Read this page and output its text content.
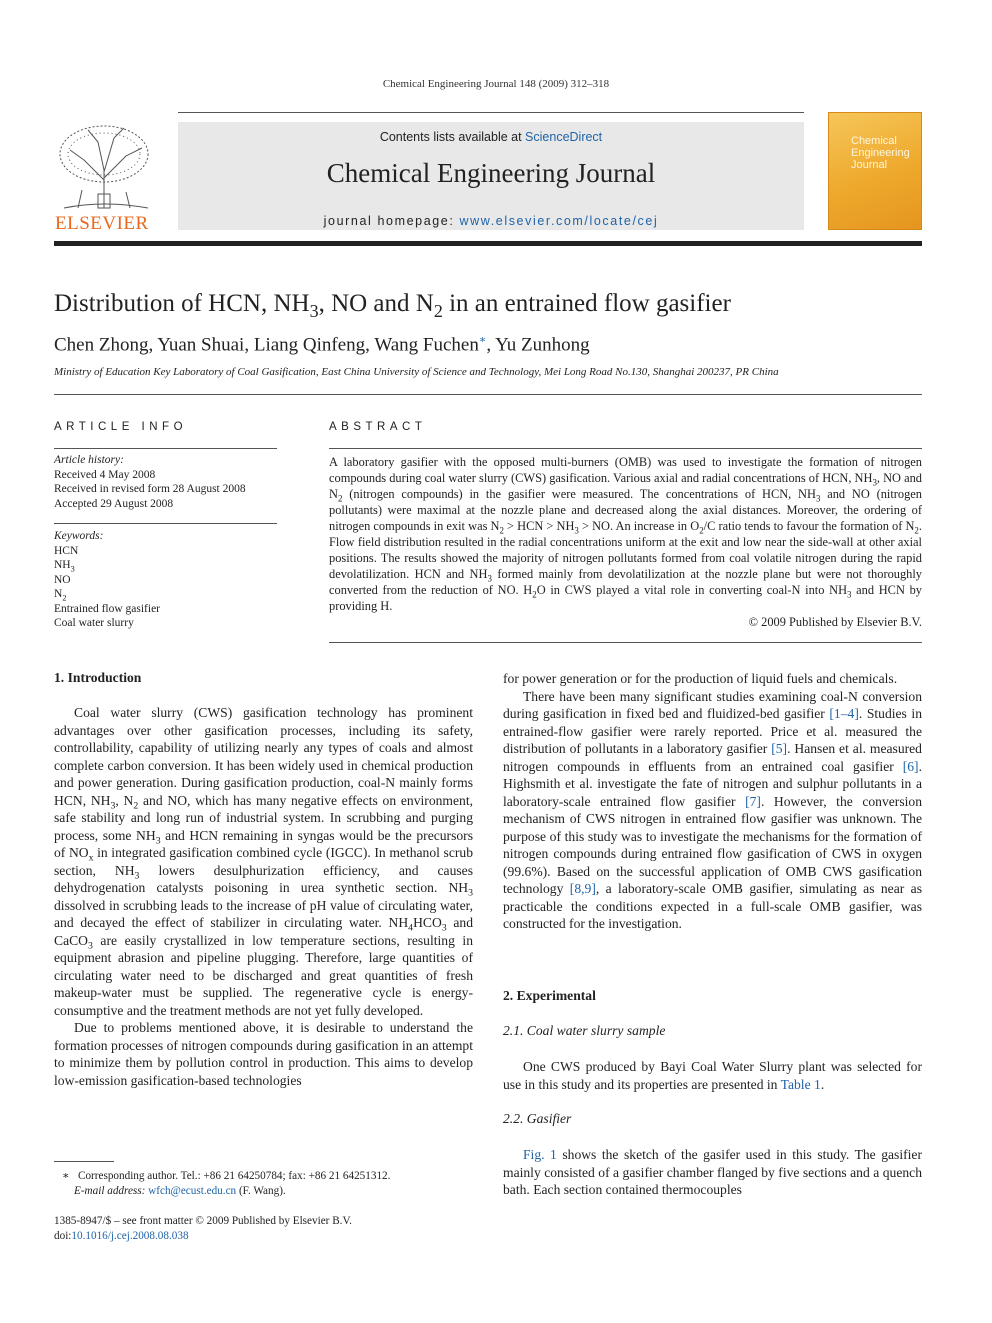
Chemical Engineering Journal 148 (2009) 312–318
ELSEVIER
Contents lists available at ScienceDirect
Chemical Engineering Journal
journal homepage: www.elsevier.com/locate/cej
Chemical
Engineering
Journal
Distribution of HCN, $NH_3$, NO and $N_2$ in an entrained flow gasifier
Chen Zhong, Yuan Shuai, Liang Qinfeng, Wang Fuchen∗, Yu Zunhong
Ministry of Education Key Laboratory of Coal Gasification, East China University of Science and Technology, Mei Long Road No.130, Shanghai 200237, PR China
ARTICLE INFO
Article history:
Received 4 May 2008
Received in revised form 28 August 2008
Accepted 29 August 2008
Keywords:
HCN
$NH_3$
NO
$N_2$
Entrained flow gasifier
Coal water slurry
ABSTRACT
A laboratory gasifier with the opposed multi-burners (OMB) was used to investigate the formation of nitrogen compounds during coal water slurry (CWS) gasification. Various axial and radial concentrations of HCN, $NH_3$, NO and $N_2$ (nitrogen compounds) in the gasifier were measured. The concentrations of HCN, $NH_3$ and NO (nitrogen pollutants) were maximal at the nozzle plane and decreased along the axial distances. Moreover, the ordering of nitrogen compounds in exit was $N_2$ > HCN > $NH_3$ > NO. An increase in $O_2/C$ ratio tends to favour the formation of $N_2$. Flow field distribution resulted in the radial concentrations uniform at the exit and low near the side-wall at other axial positions. The results showed the majority of nitrogen pollutants formed from coal volatile nitrogen during the rapid devolatilization. HCN and $NH_3$ formed mainly from devolatilization at the nozzle plane but were not thoroughly converted from the reduction of NO. $H_2O$ in CWS played a vital role in converting coal-N into $NH_3$ and HCN by providing H.
© 2009 Published by Elsevier B.V.
1. Introduction

Coal water slurry (CWS) gasification technology has prominent advantages over other gasification processes, including its safety, controllability, capability of utilizing nearly any types of coals and almost complete carbon conversion. It has been widely used in chemical production and power generation. During gasification production, coal-N mainly forms HCN, $NH_3$, $N_2$ and NO, which has many negative effects on environment, safe stability and long run of industrial system. In scrubbing and purging process, some $NH_3$ and HCN remaining in syngas would be the precursors of $NO_x$ in integrated gasification combined cycle (IGCC). In methanol scrub section, $NH_3$ lowers desulphurization efficiency, and causes dehydrogenation catalysts poisoning in urea synthetic section. $NH_3$ dissolved in scrubbing leads to the increase of pH value of circulating water, and decayed the effect of stabilizer in circulating water. $NH_4HCO_3$ and CaCO$_3$ are easily crystallized in low temperature sections, resulting in equipment abrasion and pipeline plugging. Therefore, large quantities of circulating water need to be discharged and great quantities of fresh makeup-water must be supplied. The regenerative cycle is energy-consumptive and the treatment methods are not yet fully developed.

Due to problems mentioned above, it is desirable to understand the formation processes of nitrogen compounds during gasification in an attempt to minimize them by pollution control in production. This aims to develop low-emission gasification-based technologies

∗ Corresponding author. Tel.: +86 21 64250784; fax: +86 21 64251312.
E-mail address: wfch@ecust.edu.cn (F. Wang).
1385-8947/$ – see front matter © 2009 Published by Elsevier B.V.
doi:10.1016/j.cej.2008.08.038

for power generation or for the production of liquid fuels and chemicals.

There have been many significant studies examining coal-N conversion during gasification in fixed bed and fluidized-bed gasifier [1–4]. Studies in entrained-flow gasifier were rarely reported. Price et al. measured the distribution of pollutants in a laboratory gasifier [5]. Hansen et al. measured nitrogen compounds in effluents from an entrained coal gasifier [6]. Highsmith et al. investigate the fate of nitrogen and sulphur pollutants in a laboratory-scale entrained flow gasifier [7]. However, the conversion mechanism of CWS nitrogen in entrained flow gasifier was unknown. The purpose of this study was to investigate the mechanisms for the formation of nitrogen compounds during entrained flow gasification of CWS in oxygen (99.6%). Based on the successful application of OMB CWS gasification technology [8,9], a laboratory-scale OMB gasifier, simulating as near as practicable the conditions expected in a full-scale OMB gasifier, was constructed for the investigation.

2. Experimental
2.1. Coal water slurry sample

One CWS produced by Bayi Coal Water Slurry plant was selected for use in this study and its properties are presented in Table 1.

2.2. Gasifier

Fig. 1 shows the sketch of the gasifer used in this study. The gasifier mainly consisted of a gasifier chamber flanged by five sections and a quench bath. Each section contained thermocouples
